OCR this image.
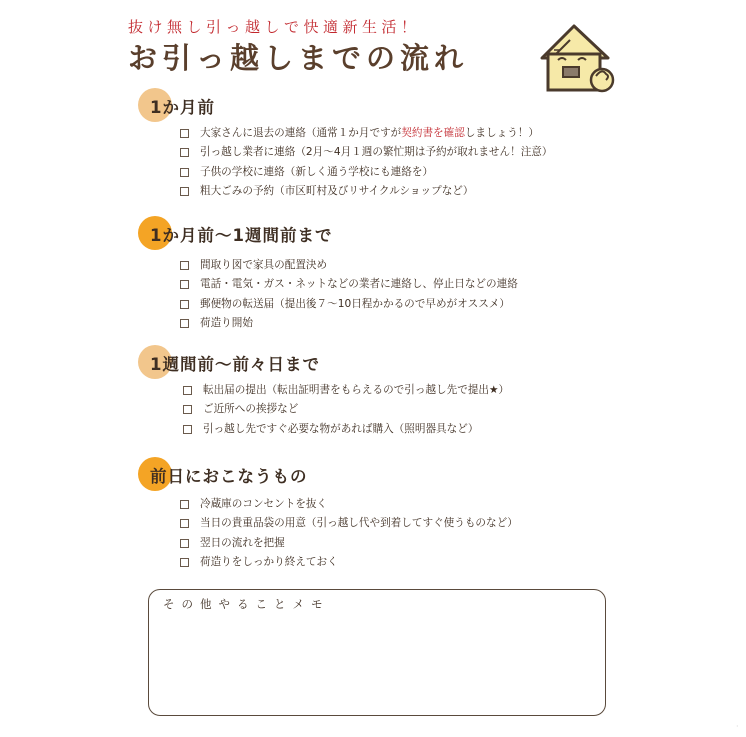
抜け無し引っ越しで快適新生活！
お引っ越しまでの流れ
1か月前
大家さんに退去の連絡（通常１か月ですが契約書を確認しましょう！）
引っ越し業者に連絡（2月～4月１週の繁忙期は予約が取れません！注意）
子供の学校に連絡（新しく通う学校にも連絡を）
粗大ごみの予約（市区町村及びリサイクルショップなど）
1か月前～1週間前まで
間取り図で家具の配置決め
電話・電気・ガス・ネットなどの業者に連絡し、停止日などの連絡
郵便物の転送届（提出後７～10日程かかるので早めがオススメ）
荷造り開始
1週間前～前々日まで
転出届の提出（転出証明書をもらえるので引っ越し先で提出★）
ご近所への挨拶など
引っ越し先ですぐ必要な物があれば購入（照明器具など）
前日におこなうもの
冷蔵庫のコンセントを抜く
当日の貴重品袋の用意（引っ越し代や到着してすぐ使うものなど）
翌日の流れを把握
荷造りをしっかり終えておく
その他やることメモ
·
